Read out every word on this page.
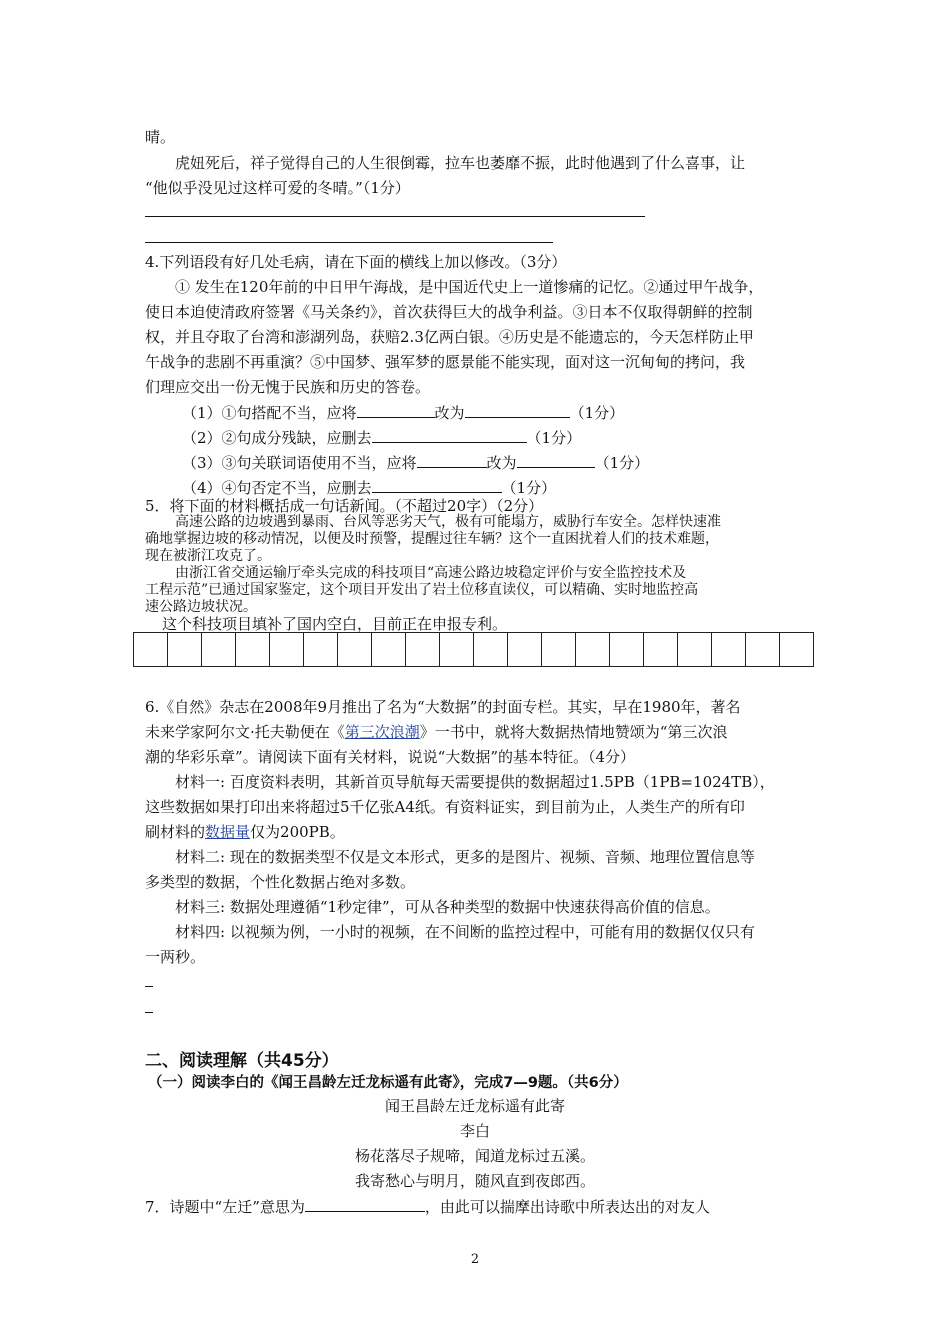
晴。
虎妞死后，祥子觉得自己的人生很倒霉，拉车也萎靡不振，此时他遇到了什么喜事，让
“他似乎没见过这样可爱的冬晴。”（1分）
4.下列语段有好几处毛病，请在下面的横线上加以修改。（3分）
① 发生在120年前的中日甲午海战，是中国近代史上一道惨痛的记忆。②通过甲午战争，
使日本迫使清政府签署《马关条约》，首次获得巨大的战争利益。③日本不仅取得朝鲜的控制
权，并且夺取了台湾和澎湖列岛，获赔2.3亿两白银。④历史是不能遗忘的，今天怎样防止甲
午战争的悲剧不再重演？⑤中国梦、强军梦的愿景能不能实现，面对这一沉甸甸的拷问，我
们理应交出一份无愧于民族和历史的答卷。
（1）①句搭配不当，应将	改为	（1分）
（2）②句成分残缺，应删去	（1分）
（3）③句关联词语使用不当，应将	改为	（1分）
（4）④句否定不当，应删去	（1分）
5．将下面的材料概括成一句话新闻。（不超过20字）（2分）
高速公路的边坡遇到暴雨、台风等恶劣天气，极有可能塌方，威胁行车安全。怎样快速准
确地掌握边坡的移动情况，以便及时预警，提醒过往车辆？这个一直困扰着人们的技术难题，
现在被浙江攻克了。
由浙江省交通运输厅牵头完成的科技项目“高速公路边坡稳定评价与安全监控技术及
工程示范”已通过国家鉴定，这个项目开发出了岩土位移直读仪，可以精确、实时地监控高
速公路边坡状况。
这个科技项目填补了国内空白，目前正在申报专利。
6.《自然》杂志在2008年9月推出了名为“大数据”的封面专栏。其实，早在1980年，著名
未来学家阿尔文·托夫勒便在《第三次浪潮》一书中，就将大数据热情地赞颂为“第三次浪
潮的华彩乐章”。请阅读下面有关材料，说说“大数据”的基本特征。（4分）
材料一: 百度资料表明，其新首页导航每天需要提供的数据超过1.5PB（1PB=1024TB），
这些数据如果打印出来将超过5千亿张A4纸。有资料证实，到目前为止，人类生产的所有印
刷材料的数据量仅为200PB。
材料二: 现在的数据类型不仅是文本形式，更多的是图片、视频、音频、地理位置信息等
多类型的数据，个性化数据占绝对多数。
材料三: 数据处理遵循“1秒定律”，可从各种类型的数据中快速获得高价值的信息。
材料四: 以视频为例，一小时的视频，在不间断的监控过程中，可能有用的数据仅仅只有
一两秒。
二、阅读理解（共45分）
（一）阅读李白的《闻王昌龄左迁龙标遥有此寄》，完成7—9题。（共6分）
闻王昌龄左迁龙标遥有此寄
李白
杨花落尽子规啼，闻道龙标过五溪。
我寄愁心与明月，随风直到夜郎西。
7．诗题中“左迁”意思为	，由此可以揣摩出诗歌中所表达出的对友人
2
